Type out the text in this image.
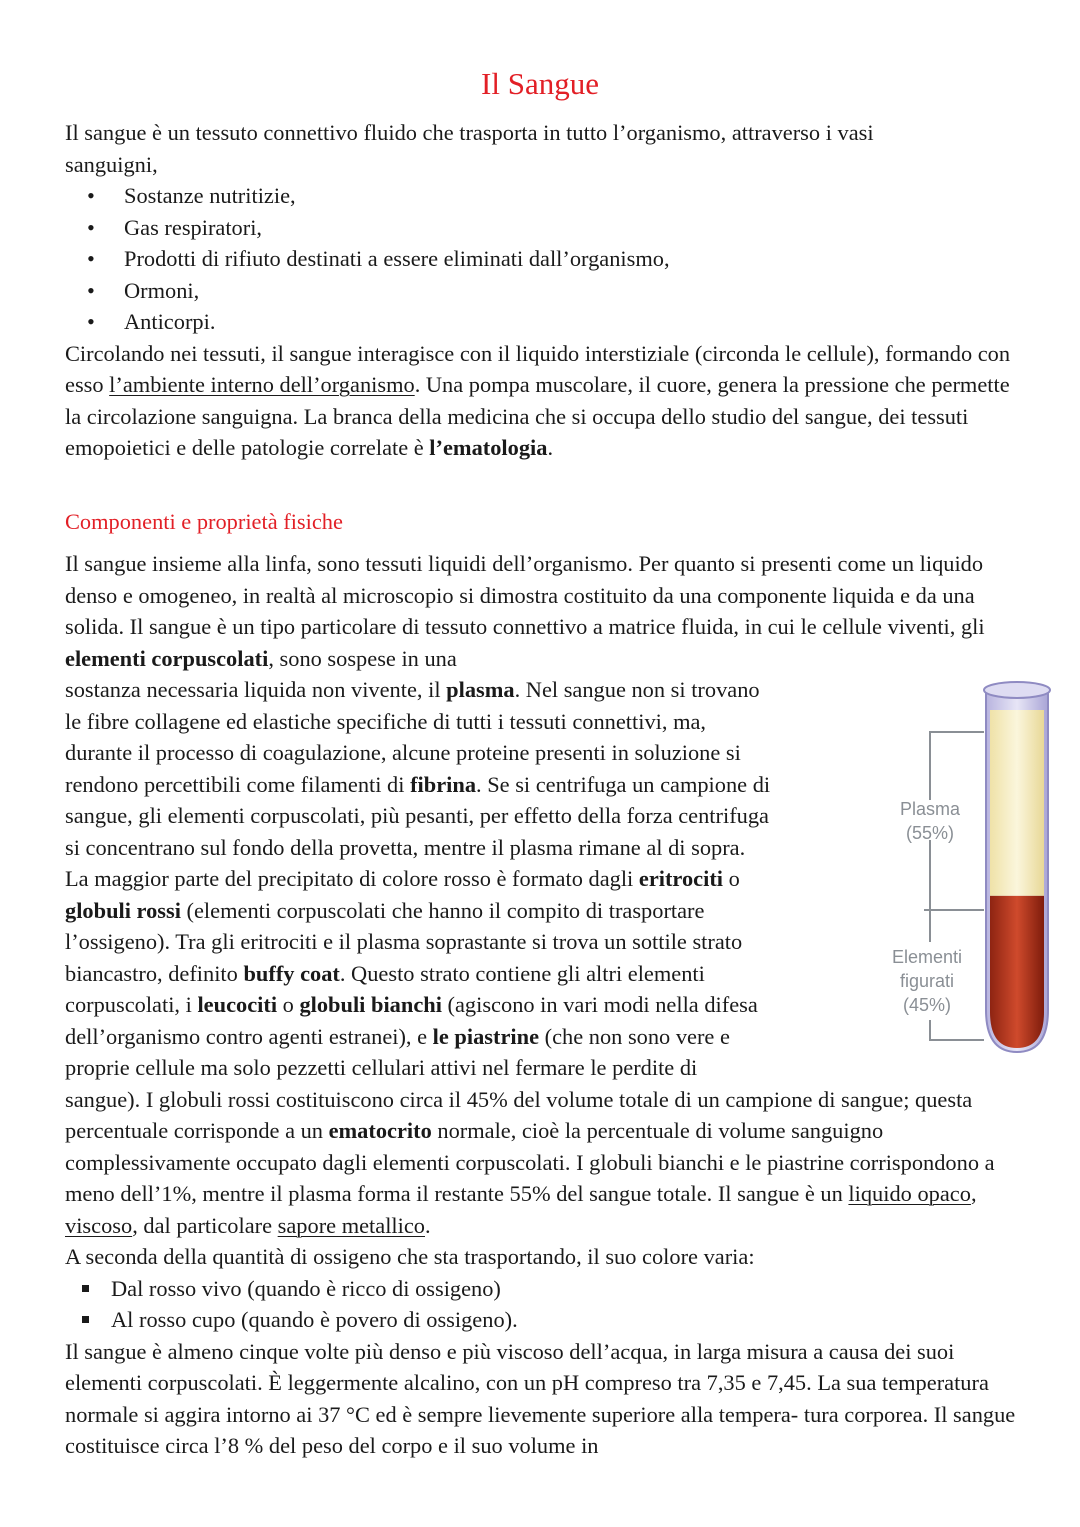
Il Sangue

Il sangue è un tessuto connettivo fluido che trasporta in tutto l’organismo, attraverso i vasi
sanguigni,

• Sostanze nutritizie,
• Gas respiratori,
• Prodotti di rifiuto destinati a essere eliminati dall’organismo,
• Ormoni,
• Anticorpi.

Circolando nei tessuti, il sangue interagisce con il liquido interstiziale (circonda le cellule), formando con esso l’ambiente interno dell’organismo. Una pompa muscolare, il cuore, genera la pressione che permette la circolazione sanguigna. La branca della medicina che si occupa dello studio del sangue, dei tessuti emopoietici e delle patologie correlate è l’ematologia.

Componenti e proprietà fisiche

Il sangue insieme alla linfa, sono tessuti liquidi dell’organismo. Per quanto si presenti come un liquido denso e omogeneo, in realtà al microscopio si dimostra costituito da una componente liquida e da una solida. Il sangue è un tipo particolare di tessuto connettivo a matrice fluida, in cui le cellule viventi, gli elementi corpuscolati, sono sospese in una
sostanza necessaria liquida non vivente, il plasma. Nel sangue non si trovano
le fibre collagene ed elastiche specifiche di tutti i tessuti connettivi, ma,
durante il processo di coagulazione, alcune proteine presenti in soluzione si
rendono percettibili come filamenti di fibrina. Se si centrifuga un campione di
sangue, gli elementi corpuscolati, più pesanti, per effetto della forza centrifuga
si concentrano sul fondo della provetta, mentre il plasma rimane al di sopra.
La maggior parte del precipitato di colore rosso è formato dagli eritrociti o
globuli rossi (elementi corpuscolati che hanno il compito di trasportare
l’ossigeno). Tra gli eritrociti e il plasma soprastante si trova un sottile strato
biancastro, definito buffy coat. Questo strato contiene gli altri elementi
corpuscolati, i leucociti o globuli bianchi (agiscono in vari modi nella difesa
dell’organismo contro agenti estranei), e le piastrine (che non sono vere e
proprie cellule ma solo pezzetti cellulari attivi nel fermare le perdite di
sangue). I globuli rossi costituiscono circa il 45% del volume totale di un campione di sangue; questa percentuale corrisponde a un ematocrito normale, cioè la percentuale di volume sanguigno complessivamente occupato dagli elementi corpuscolati. I globuli bianchi e le piastrine corrispondono a meno dell’1%, mentre il plasma forma il restante 55% del sangue totale. Il sangue è un liquido opaco, viscoso, dal particolare sapore metallico.
A seconda della quantità di ossigeno che sta trasportando, il suo colore varia:

Dal rosso vivo (quando è ricco di ossigeno)
Al rosso cupo (quando è povero di ossigeno).

Il sangue è almeno cinque volte più denso e più viscoso dell’acqua, in larga misura a causa dei suoi elementi corpuscolati. È leggermente alcalino, con un pH compreso tra 7,35 e 7,45. La sua temperatura normale si aggira intorno ai 37 °C ed è sempre lievemente superiore alla tempera- tura corporea. Il sangue costituisce circa l’8 % del peso del corpo e il suo volume in

Plasma
(55%)
Elementi
figurati
(45%)
